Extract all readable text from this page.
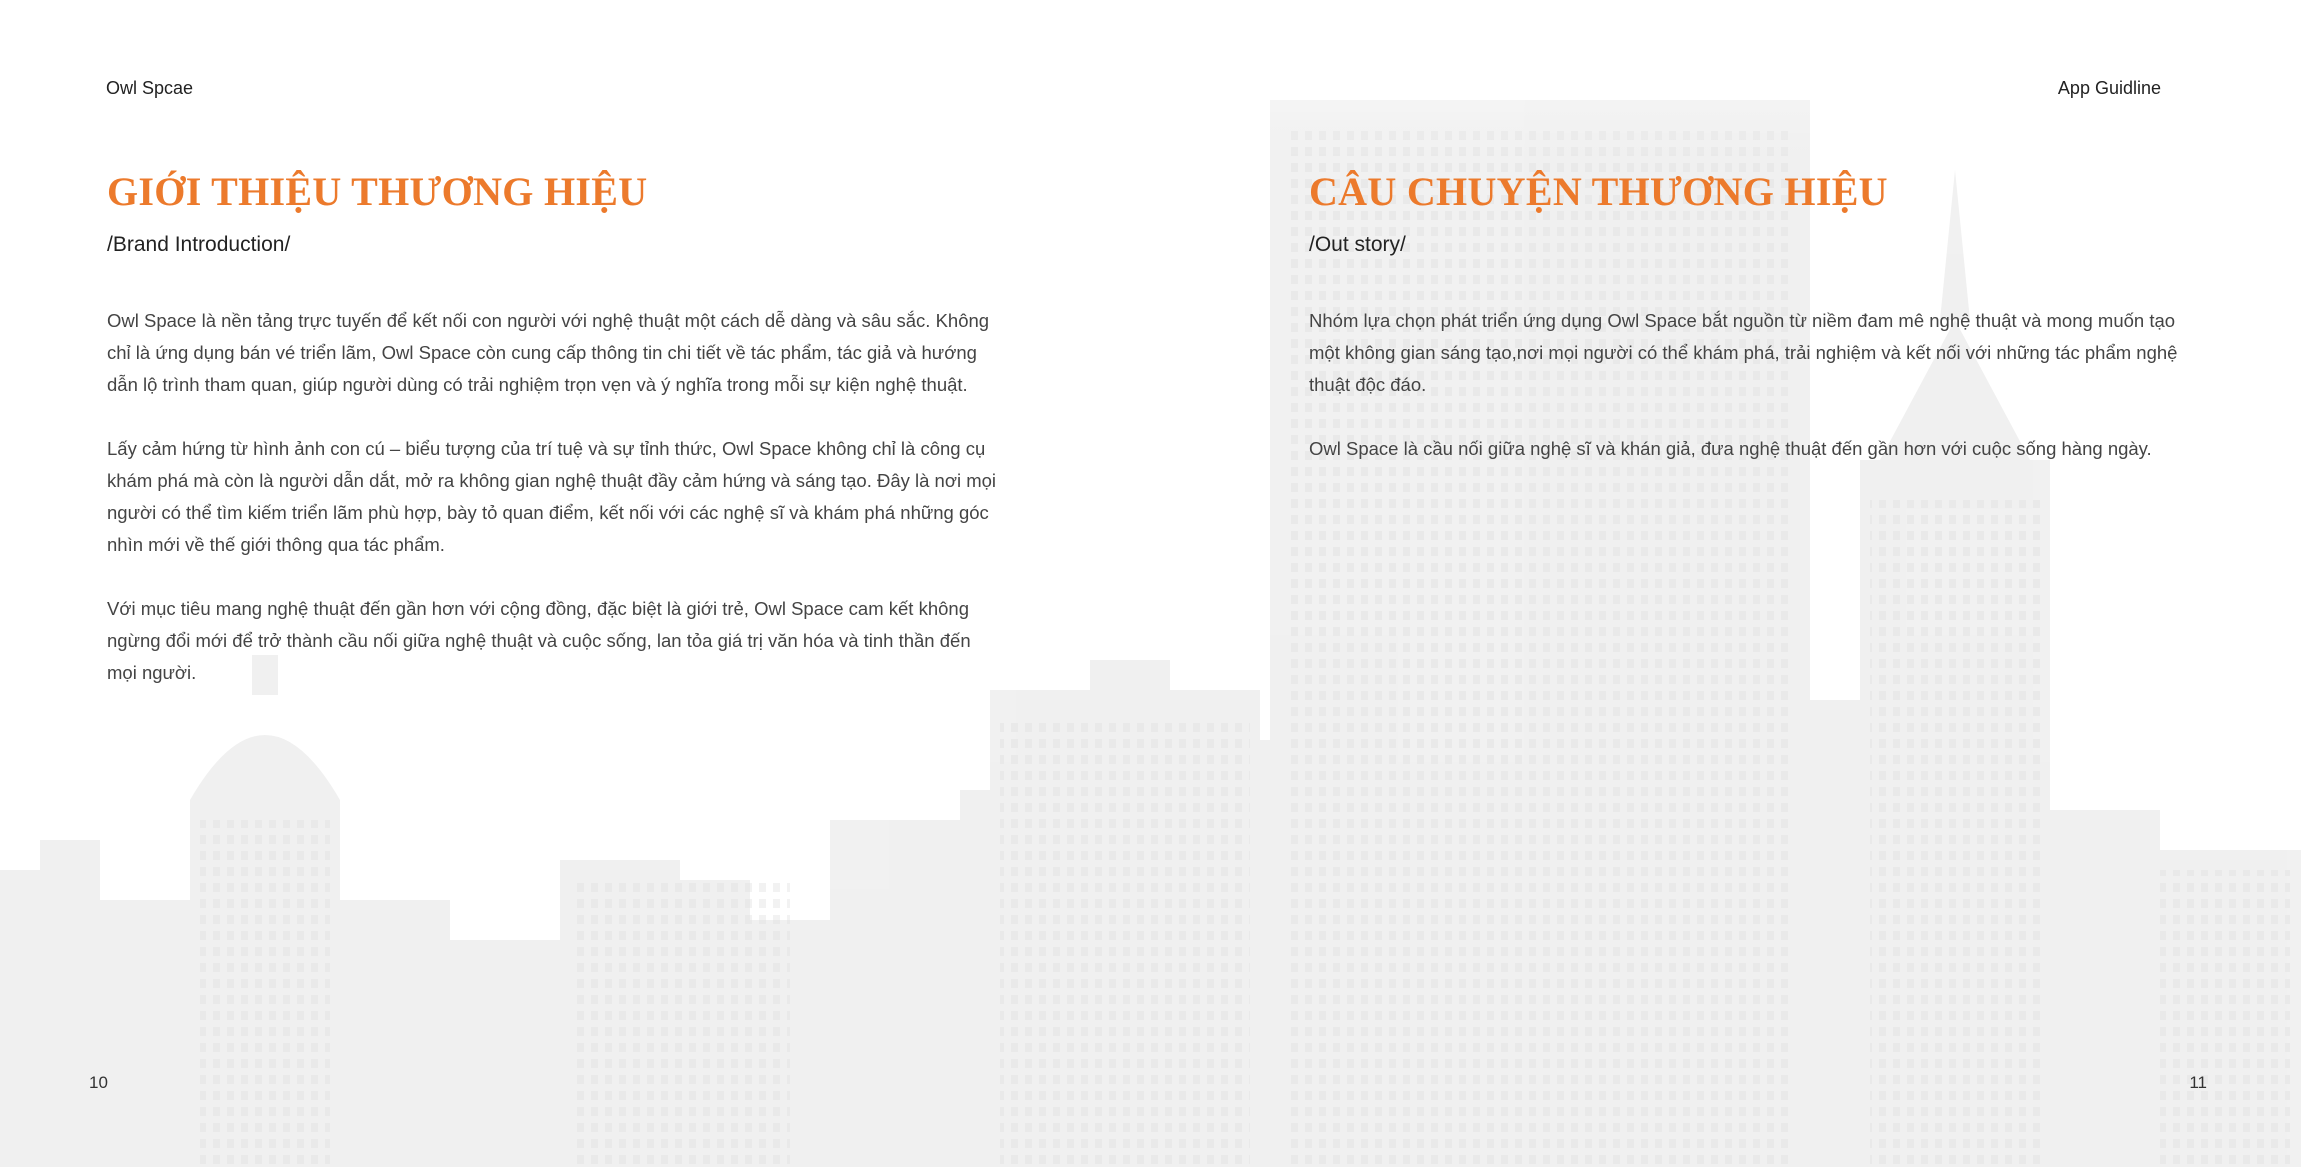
Owl Spcae

GIỚI THIỆU THƯƠNG HIỆU

/Brand Introduction/

Owl Space là nền tảng trực tuyến để kết nối con người với nghệ thuật một cách dễ dàng và sâu sắc. Không chỉ là ứng dụng bán vé triển lãm, Owl Space còn cung cấp thông tin chi tiết về tác phẩm, tác giả và hướng dẫn lộ trình tham quan, giúp người dùng có trải nghiệm trọn vẹn và ý nghĩa trong mỗi sự kiện nghệ thuật.

Lấy cảm hứng từ hình ảnh con cú – biểu tượng của trí tuệ và sự tỉnh thức, Owl Space không chỉ là công cụ khám phá mà còn là người dẫn dắt, mở ra không gian nghệ thuật đầy cảm hứng và sáng tạo. Đây là nơi mọi người có thể tìm kiếm triển lãm phù hợp, bày tỏ quan điểm, kết nối với các nghệ sĩ và khám phá những góc nhìn mới về thế giới thông qua tác phẩm.

Với mục tiêu mang nghệ thuật đến gần hơn với cộng đồng, đặc biệt là giới trẻ, Owl Space cam kết không ngừng đổi mới để trở thành cầu nối giữa nghệ thuật và cuộc sống, lan tỏa giá trị văn hóa và tinh thần đến mọi người.

10

App Guidline

CÂU CHUYỆN THƯƠNG HIỆU

/Out story/

Nhóm lựa chọn phát triển ứng dụng Owl Space bắt nguồn từ niềm đam mê nghệ thuật và mong muốn tạo một không gian sáng tạo,nơi mọi người có thể khám phá, trải nghiệm và kết nối với những tác phẩm nghệ thuật độc đáo.

Owl Space là cầu nối giữa nghệ sĩ và khán giả, đưa nghệ thuật đến gần hơn với cuộc sống hàng ngày.

11
